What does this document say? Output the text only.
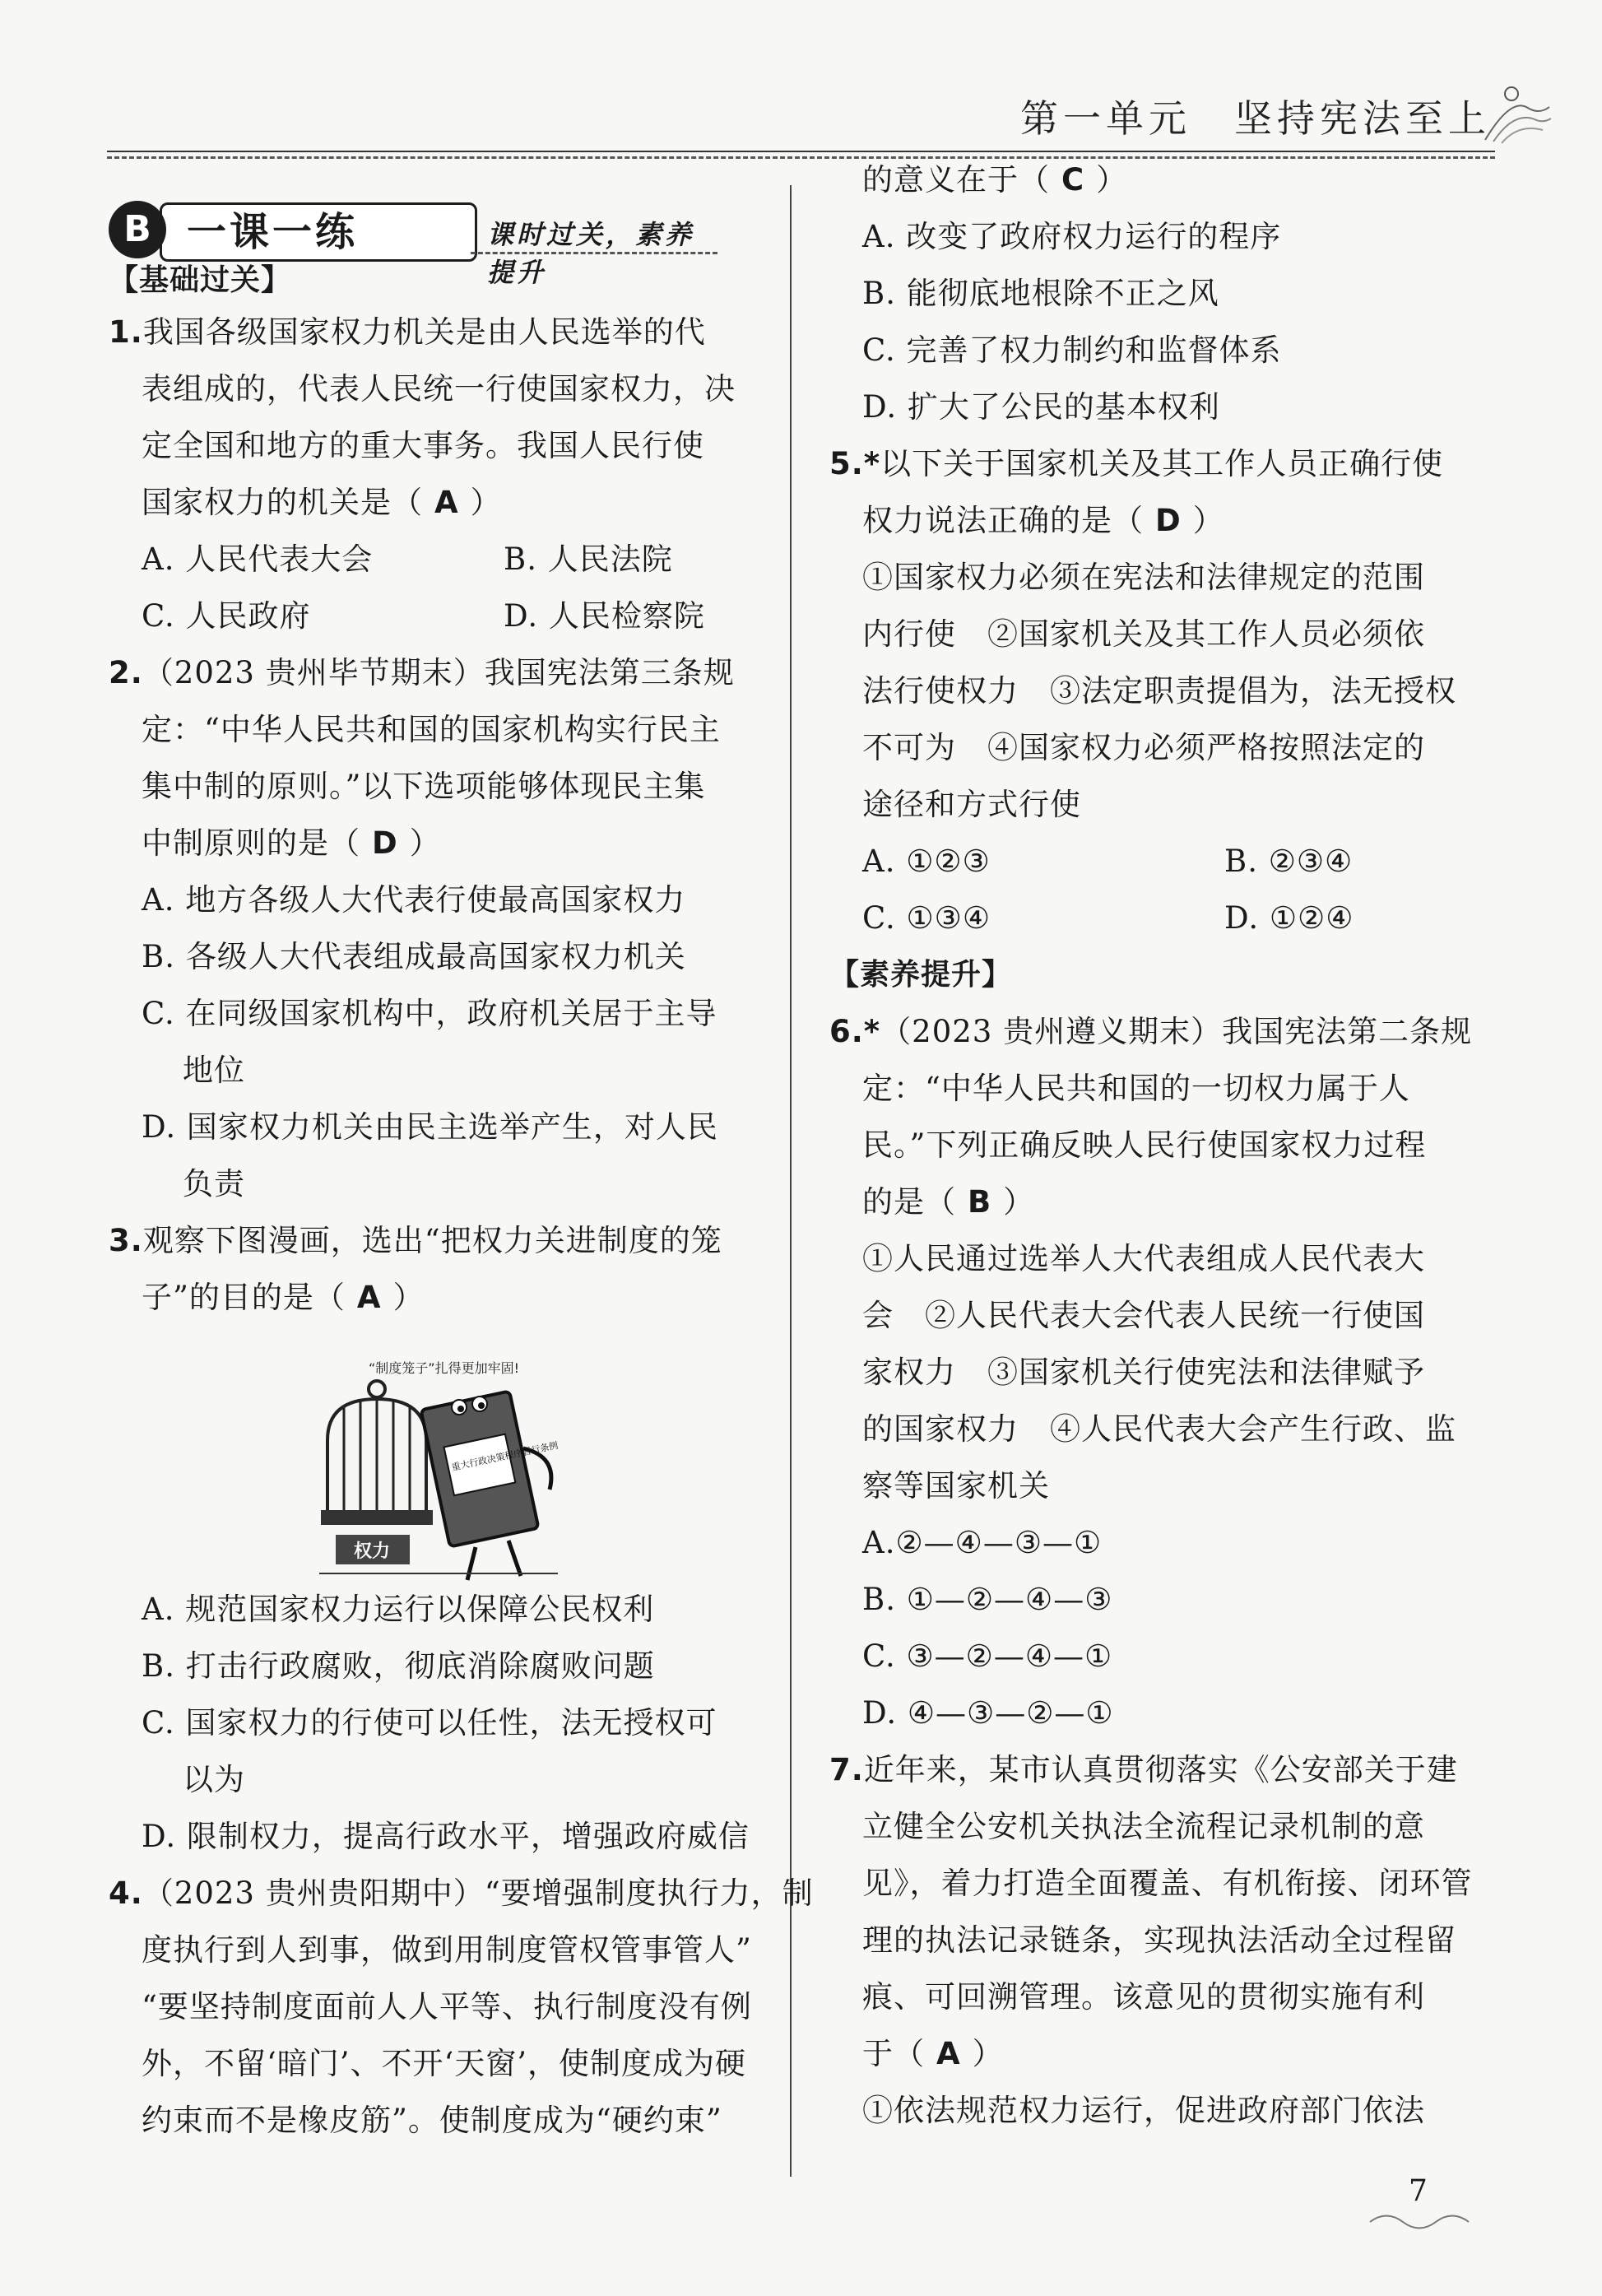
第一单元　坚持宪法至上
一课一练
B	课时过关，素养提升
【基础过关】
1.我国各级国家权力机关是由人民选举的代
表组成的，代表人民统一行使国家权力，决
定全国和地方的重大事务。我国人民行使
国家权力的机关是（ A ）
A. 人民代表大会	B. 人民法院
C. 人民政府	D. 人民检察院
2.（2023 贵州毕节期末）我国宪法第三条规
定：“中华人民共和国的国家机构实行民主
集中制的原则。”以下选项能够体现民主集
中制原则的是（ D ）
A. 地方各级人大代表行使最高国家权力
B. 各级人大代表组成最高国家权力机关
C. 在同级国家机构中，政府机关居于主导
地位
D. 国家权力机关由民主选举产生，对人民
负责
3.观察下图漫画，选出“把权力关进制度的笼
子”的目的是（ A ）
A. 规范国家权力运行以保障公民权利
B. 打击行政腐败，彻底消除腐败问题
C. 国家权力的行使可以任性，法无授权可
以为
D. 限制权力，提高行政水平，增强政府威信
4.（2023 贵州贵阳期中）“要增强制度执行力，制
度执行到人到事，做到用制度管权管事管人”
“要坚持制度面前人人平等、执行制度没有例
外，不留‘暗门’、不开‘天窗’，使制度成为硬
约束而不是橡皮筋”。使制度成为“硬约束”
的意义在于（ C ）
A. 改变了政府权力运行的程序
B. 能彻底地根除不正之风
C. 完善了权力制约和监督体系
D. 扩大了公民的基本权利
5.*以下关于国家机关及其工作人员正确行使
权力说法正确的是（ D ）
①国家权力必须在宪法和法律规定的范围
内行使　②国家机关及其工作人员必须依
法行使权力　③法定职责提倡为，法无授权
不可为　④国家权力必须严格按照法定的
途径和方式行使
A. ①②③	B. ②③④
C. ①③④	D. ①②④
【素养提升】
6.*（2023 贵州遵义期末）我国宪法第二条规
定：“中华人民共和国的一切权力属于人
民。”下列正确反映人民行使国家权力过程
的是（ B ）
①人民通过选举人大代表组成人民代表大
会　②人民代表大会代表人民统一行使国
家权力　③国家机关行使宪法和法律赋予
的国家权力　④人民代表大会产生行政、监
察等国家机关
A.②—④—③—①
B. ①—②—④—③
C. ③—②—④—①
D. ④—③—②—①
7.近年来，某市认真贯彻落实《公安部关于建
立健全公安机关执法全流程记录机制的意
见》，着力打造全面覆盖、有机衔接、闭环管
理的执法记录链条，实现执法活动全过程留
痕、可回溯管理。该意见的贯彻实施有利
于（ A ）
①依法规范权力运行，促进政府部门依法
“制度笼子”扎得更加牢固!
权力
重大行政决策程序暂行条例
7
